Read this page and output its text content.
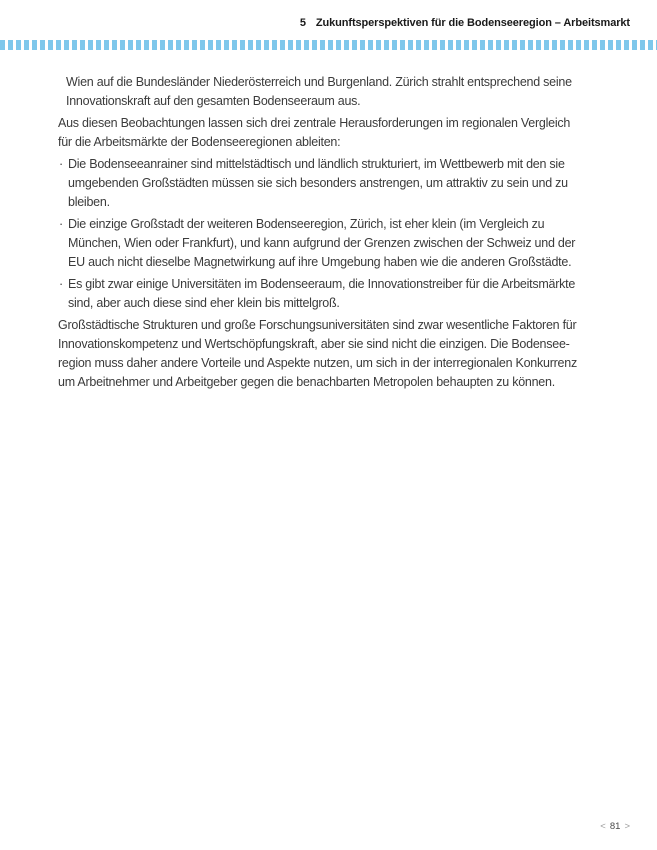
5 Zukunftsperspektiven für die Bodenseeregion – Arbeitsmarkt

Wien auf die Bundesländer Niederösterreich und Burgenland. Zürich strahlt entsprechend seine
Innovationskraft auf den gesamten Bodenseeraum aus.

Aus diesen Beobachtungen lassen sich drei zentrale Herausforderungen im regionalen Vergleich
für die Arbeitsmärkte der Bodenseeregionen ableiten:

· Die Bodenseeanrainer sind mittelstädtisch und ländlich strukturiert, im Wettbewerb mit den sie
umgebenden Großstädten müssen sie sich besonders anstrengen, um attraktiv zu sein und zu
bleiben.
· Die einzige Großstadt der weiteren Bodenseeregion, Zürich, ist eher klein (im Vergleich zu
München, Wien oder Frankfurt), und kann aufgrund der Grenzen zwischen der Schweiz und der
EU auch nicht dieselbe Magnetwirkung auf ihre Umgebung haben wie die anderen Großstädte.
· Es gibt zwar einige Universitäten im Bodenseeraum, die Innovationstreiber für die Arbeitsmärkte
sind, aber auch diese sind eher klein bis mittelgroß.

Großstädtische Strukturen und große Forschungsuniversitäten sind zwar wesentliche Faktoren für
Innovationskompetenz und Wertschöpfungskraft, aber sie sind nicht die einzigen. Die Bodensee-
region muss daher andere Vorteile und Aspekte nutzen, um sich in der interregionalen Konkurrenz
um Arbeitnehmer und Arbeitgeber gegen die benachbarten Metropolen behaupten zu können.

< 81 >
